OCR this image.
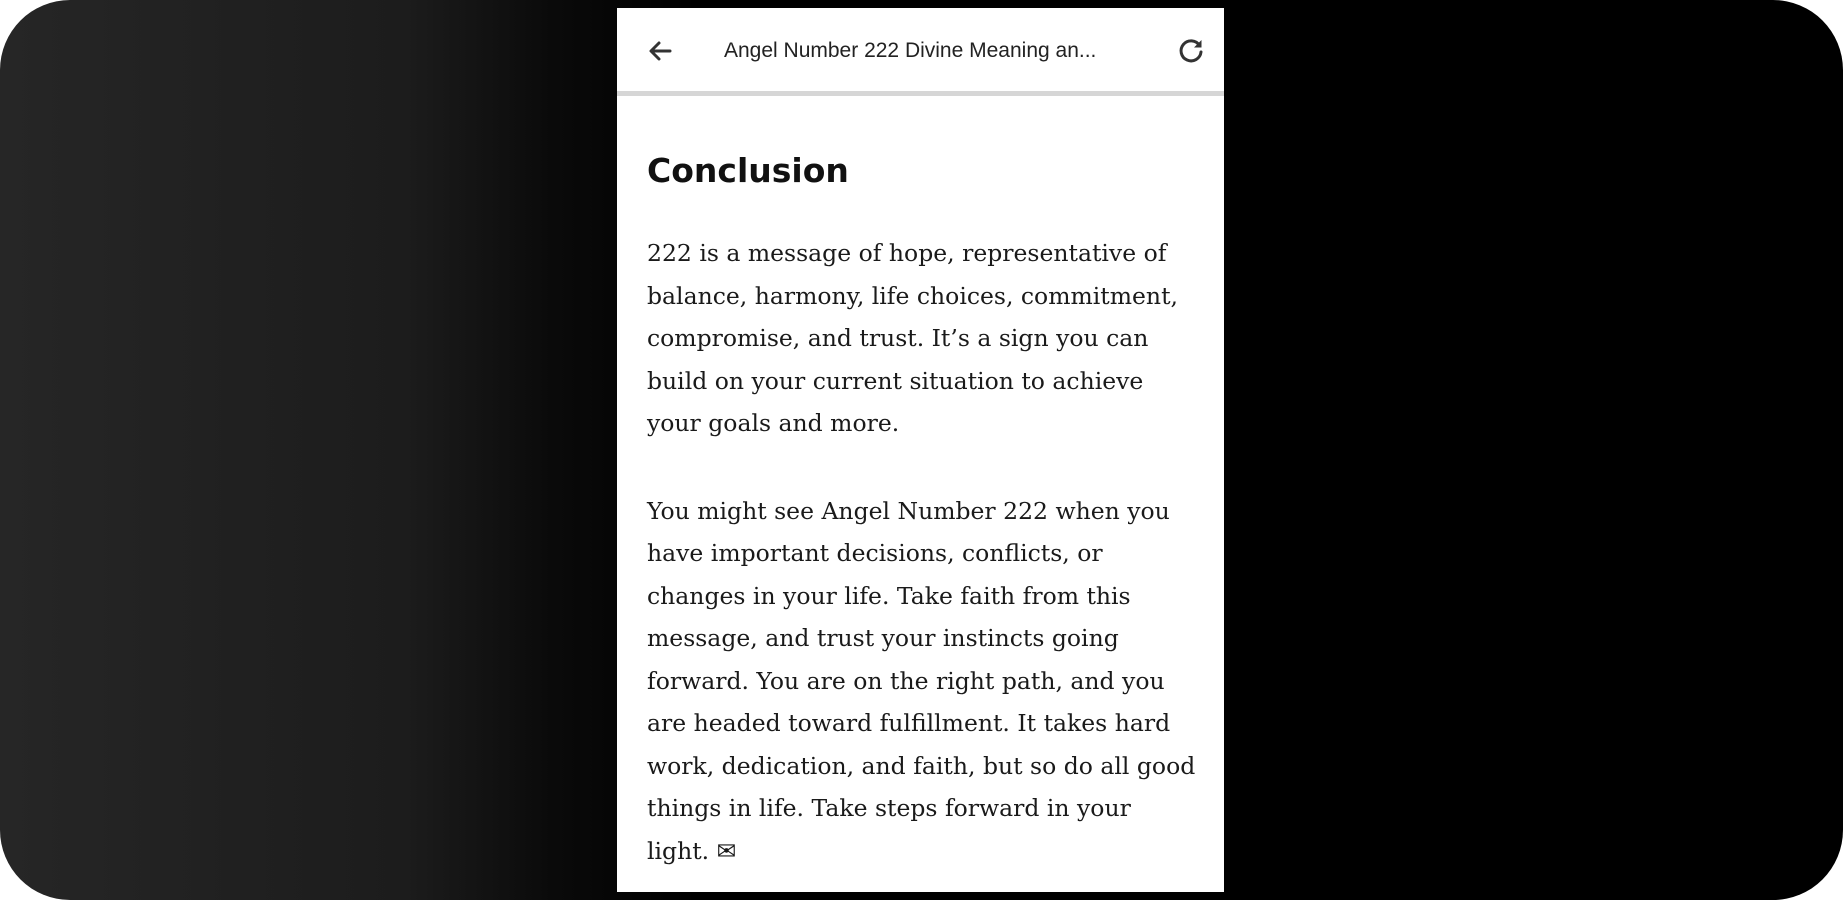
Angel Number 222 Divine Meaning an...
Conclusion

222 is a message of hope, representative of balance, harmony, life choices, commitment, compromise, and trust. It’s a sign you can build on your current situation to achieve your goals and more.

You might see Angel Number 222 when you have important decisions, conflicts, or changes in your life. Take faith from this message, and trust your instincts going forward. You are on the right path, and you are headed toward fulfillment. It takes hard work, dedication, and faith, but so do all good things in life. Take steps forward in your light. ✉
